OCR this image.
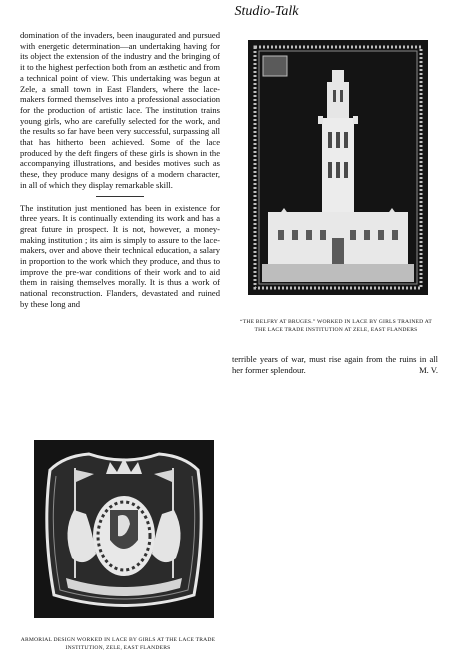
Studio-Talk

domination of the invaders, been inaugurated and pursued with energetic determination—an undertaking having for its object the extension of the industry and the bringing of it to the highest perfection both from an æsthetic and from a technical point of view. This undertaking was begun at Zele, a small town in East Flanders, where the lace-makers formed themselves into a professional association for the production of artistic lace. The institution trains young girls, who are carefully selected for the work, and the results so far have been very successful, surpassing all that has hitherto been achieved. Some of the lace produced by the deft fingers of these girls is shown in the accompanying illustrations, and besides motives such as these, they produce many designs of a modern character, in all of which they display remarkable skill.

The institution just mentioned has been in existence for three years. It is continually extending its work and has a great future in prospect. It is not, however, a money-making institution ; its aim is simply to assure to the lace-makers, over and above their technical education, a salary in proportion to the work which they produce, and thus to improve the pre-war conditions of their work and to aid them in raising themselves morally. It is thus a work of national reconstruction. Flanders, devastated and ruined by these long and

“THE BELFRY AT BRUGES.” WORKED IN LACE BY GIRLS TRAINED AT THE LACE TRADE INSTITUTION AT ZELE, EAST FLANDERS
terrible years of war, must rise again from the ruins in all her former splendour.	M. V.
ARMORIAL DESIGN WORKED IN LACE BY GIRLS AT THE LACE TRADE INSTITUTION, ZELE, EAST FLANDERS
